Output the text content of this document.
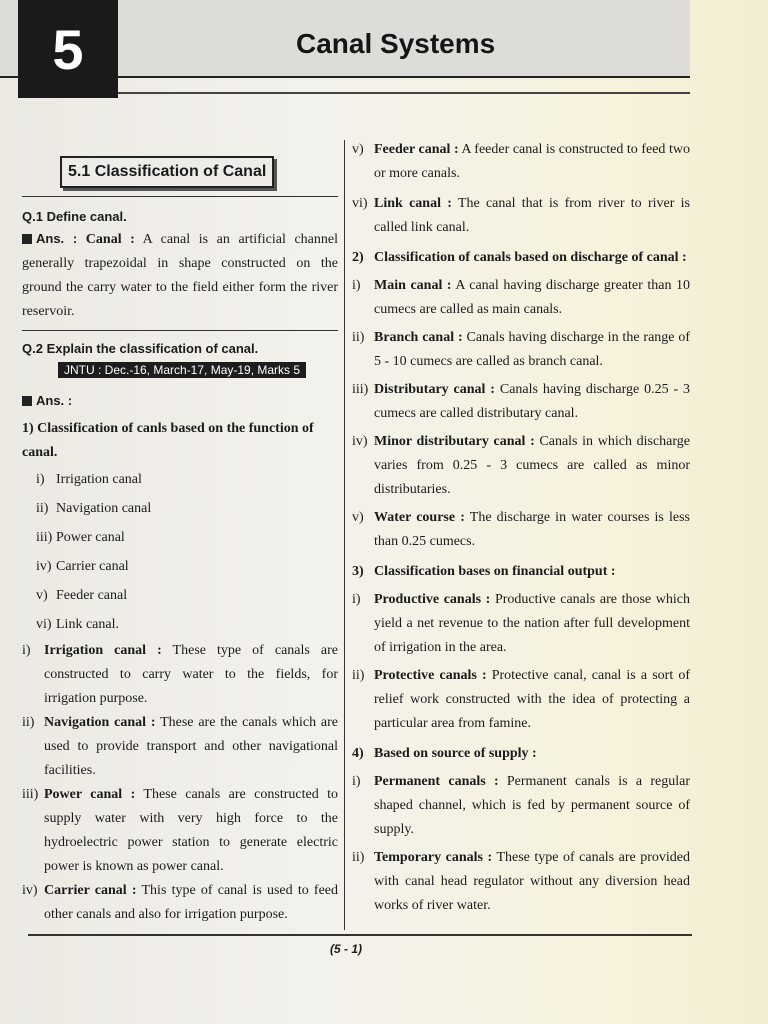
5	Canal Systems
5.1 Classification of Canal
Q.1 Define canal.
Ans. : Canal : A canal is an artificial channel generally trapezoidal in shape constructed on the ground the carry water to the field either form the river reservoir.
Q.2 Explain the classification of canal.
JNTU : Dec.-16, March-17, May-19, Marks 5
Ans. :
1) Classification of canls based on the function of canal.
i) Irrigation canal
ii) Navigation canal
iii) Power canal
iv) Carrier canal
v) Feeder canal
vi) Link canal.
i) Irrigation canal : These type of canals are constructed to carry water to the fields, for irrigation purpose.
ii) Navigation canal : These are the canals which are used to provide transport and other navigational facilities.
iii) Power canal : These canals are constructed to supply water with very high force to the hydroelectric power station to generate electric power is known as power canal.
iv) Carrier canal : This type of canal is used to feed other canals and also for irrigation purpose.
v) Feeder canal : A feeder canal is constructed to feed two or more canals.
vi) Link canal : The canal that is from river to river is called link canal.
2) Classification of canals based on discharge of canal :
i) Main canal : A canal having discharge greater than 10 cumecs are called as main canals.
ii) Branch canal : Canals having discharge in the range of 5 - 10 cumecs are called as branch canal.
iii) Distributary canal : Canals having discharge 0.25 - 3 cumecs are called distributary canal.
iv) Minor distributary canal : Canals in which discharge varies from 0.25 - 3 cumecs are called as minor distributaries.
v) Water course : The discharge in water courses is less than 0.25 cumecs.
3) Classification bases on financial output :
i) Productive canals : Productive canals are those which yield a net revenue to the nation after full development of irrigation in the area.
ii) Protective canals : Protective canal, canal is a sort of relief work constructed with the idea of protecting a particular area from famine.
4) Based on source of supply :
i) Permanent canals : Permanent canals is a regular shaped channel, which is fed by permanent source of supply.
ii) Temporary canals : These type of canals are provided with canal head regulator without any diversion head works of river water.
(5 - 1)
